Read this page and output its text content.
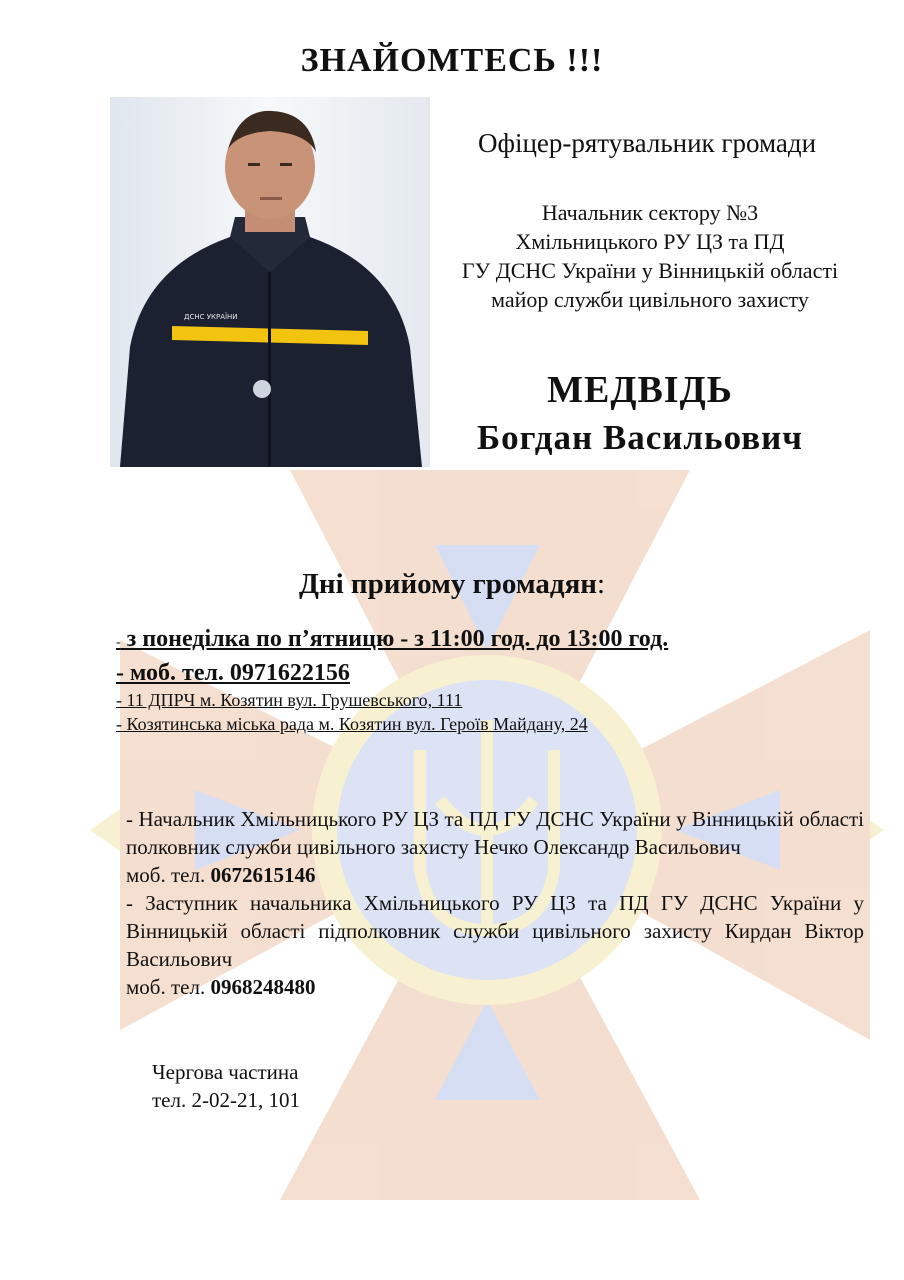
ЗНАЙОМТЕСЬ !!!
ДСНС УКРАЇНИ
Офіцер-рятувальник громади
Начальник сектору №3
Хмільницького РУ ЦЗ та ПД
ГУ ДСНС України у Вінницькій області
майор служби цивільного захисту
МЕДВІДЬ
Богдан Васильович
Дні прийому громадян:
- з понеділка по п’ятницю - з 11:00 год. до 13:00 год.
- моб. тел. 0971622156
- 11 ДПРЧ м. Козятин вул. Грушевського, 111
- Козятинська міська рада м. Козятин вул. Героїв Майдану, 24

- Начальник Хмільницького РУ ЦЗ та ПД ГУ ДСНС України у Вінницькій області полковник служби цивільного захисту Нечко Олександр Васильович

моб. тел. 0672615146

- Заступник начальника Хмільницького РУ ЦЗ та ПД ГУ ДСНС України у Вінницькій області підполковник служби цивільного захисту Кирдан Віктор Васильович

моб. тел. 0968248480

Чергова частина
тел. 2-02-21, 101
